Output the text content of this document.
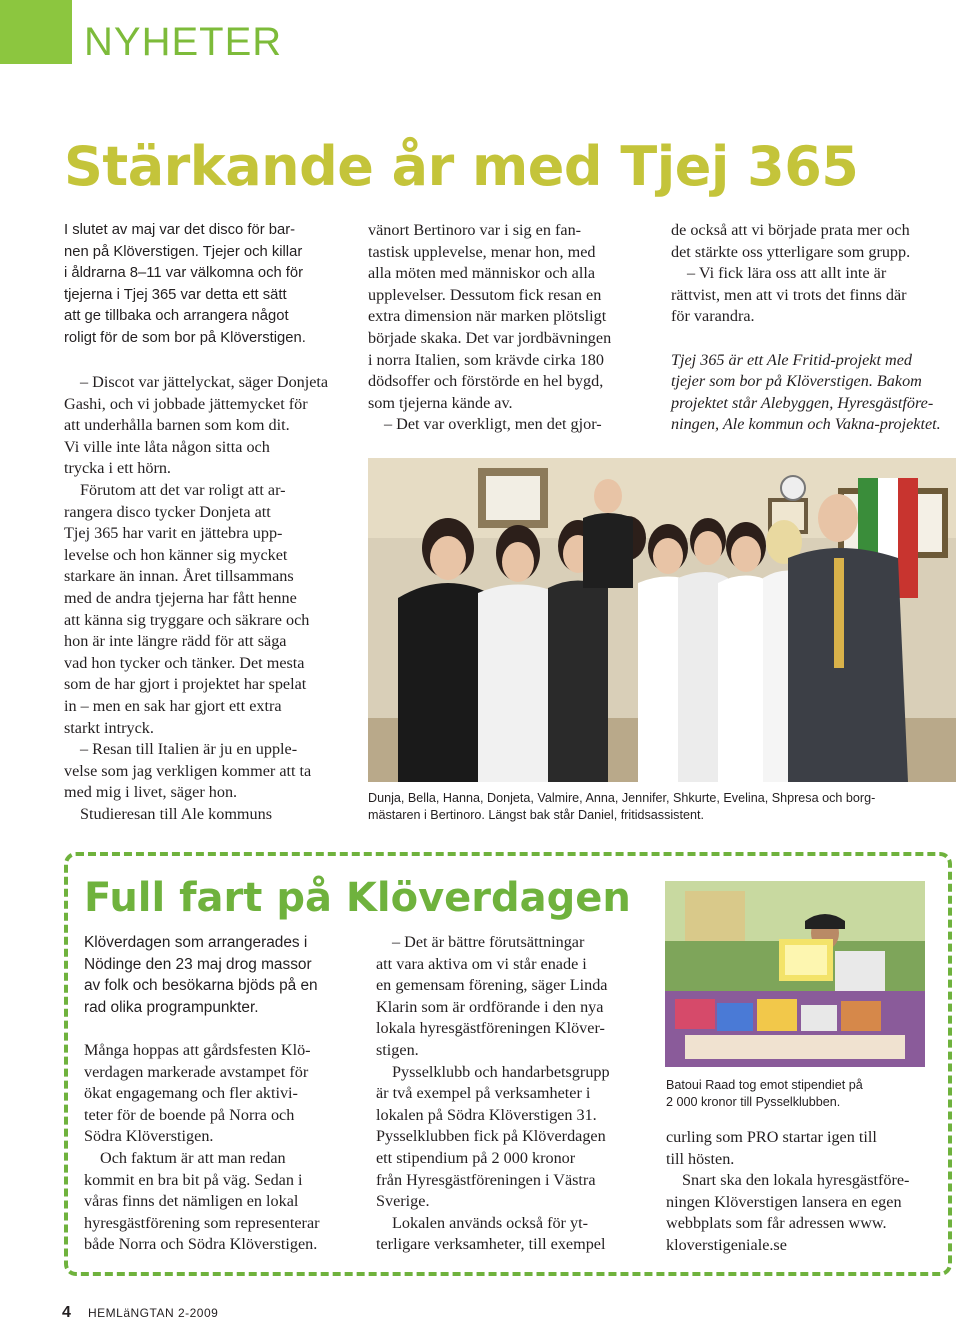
NYHETER
Stärkande år med Tjej 365

I slutet av maj var det disco för bar-

nen på Klöverstigen. Tjejer och killar

i åldrarna 8–11 var välkomna och för

tjejerna i Tjej 365 var detta ett sätt

att ge tillbaka och arrangera något

roligt för de som bor på Klöverstigen.

– Discot var jättelyckat, säger Donjeta

Gashi, och vi jobbade jättemycket för

att underhålla barnen som kom dit.

Vi ville inte låta någon sitta och

trycka i ett hörn.

Förutom att det var roligt att ar-

rangera disco tycker Donjeta att

Tjej 365 har varit en jättebra upp-

levelse och hon känner sig mycket

starkare än innan. Året tillsammans

med de andra tjejerna har fått henne

att känna sig tryggare och säkrare och

hon är inte längre rädd för att säga

vad hon tycker och tänker. Det mesta

som de har gjort i projektet har spelat

in – men en sak har gjort ett extra

starkt intryck.

– Resan till Italien är ju en upple-

velse som jag verkligen kommer att ta

med mig i livet, säger hon.

Studieresan till Ale kommuns

vänort Bertinoro var i sig en fan-

tastisk upplevelse, menar hon, med

alla möten med människor och alla

upplevelser. Dessutom fick resan en

extra dimension när marken plötsligt

började skaka. Det var jordbävningen

i norra Italien, som krävde cirka 180

dödsoffer och förstörde en hel bygd,

som tjejerna kände av.

– Det var overkligt, men det gjor-

de också att vi började prata mer och

det stärkte oss ytterligare som grupp.

– Vi fick lära oss att allt inte är

rättvist, men att vi trots det finns där

för varandra.

Tjej 365 är ett Ale Fritid-projekt med

tjejer som bor på Klöverstigen. Bakom

projektet står Alebyggen, Hyresgästföre-

ningen, Ale kommun och Vakna-projektet.

Dunja, Bella, Hanna, Donjeta, Valmire, Anna, Jennifer, Shkurte, Evelina, Shpresa och borg-
mästaren i Bertinoro. Längst bak står Daniel, fritidsassistent.
Full fart på Klöverdagen
Klöverdagen som arrangerades i
Nödinge den 23 maj drog massor
av folk och besökarna bjöds på en
rad olika programpunkter.

Många hoppas att gårdsfesten Klö-

verdagen markerade avstampet för

ökat engagemang och fler aktivi-

teter för de boende på Norra och

Södra Klöverstigen.

Och faktum är att man redan

kommit en bra bit på väg. Sedan i

våras finns det nämligen en lokal

hyresgästförening som representerar

både Norra och Södra Klöverstigen.

– Det är bättre förutsättningar

att vara aktiva om vi står enade i

en gemensam förening, säger Linda

Klarin som är ordförande i den nya

lokala hyresgästföreningen Klöver-

stigen.

Pysselklubb och handarbetsgrupp

är två exempel på verksamheter i

lokalen på Södra Klöverstigen 31.

Pysselklubben fick på Klöverdagen

ett stipendium på 2 000 kronor

från Hyresgästföreningen i Västra

Sverige.

Lokalen används också för yt-

terligare verksamheter, till exempel

Batoui Raad tog emot stipendiet på
2 000 kronor till Pysselklubben.

curling som PRO startar igen till

till hösten.

Snart ska den lokala hyresgästföre-

ningen Klöverstigen lansera en egen

webbplats som får adressen www.

kloverstigeniale.se

4 HEMLäNGTAN 2-2009
